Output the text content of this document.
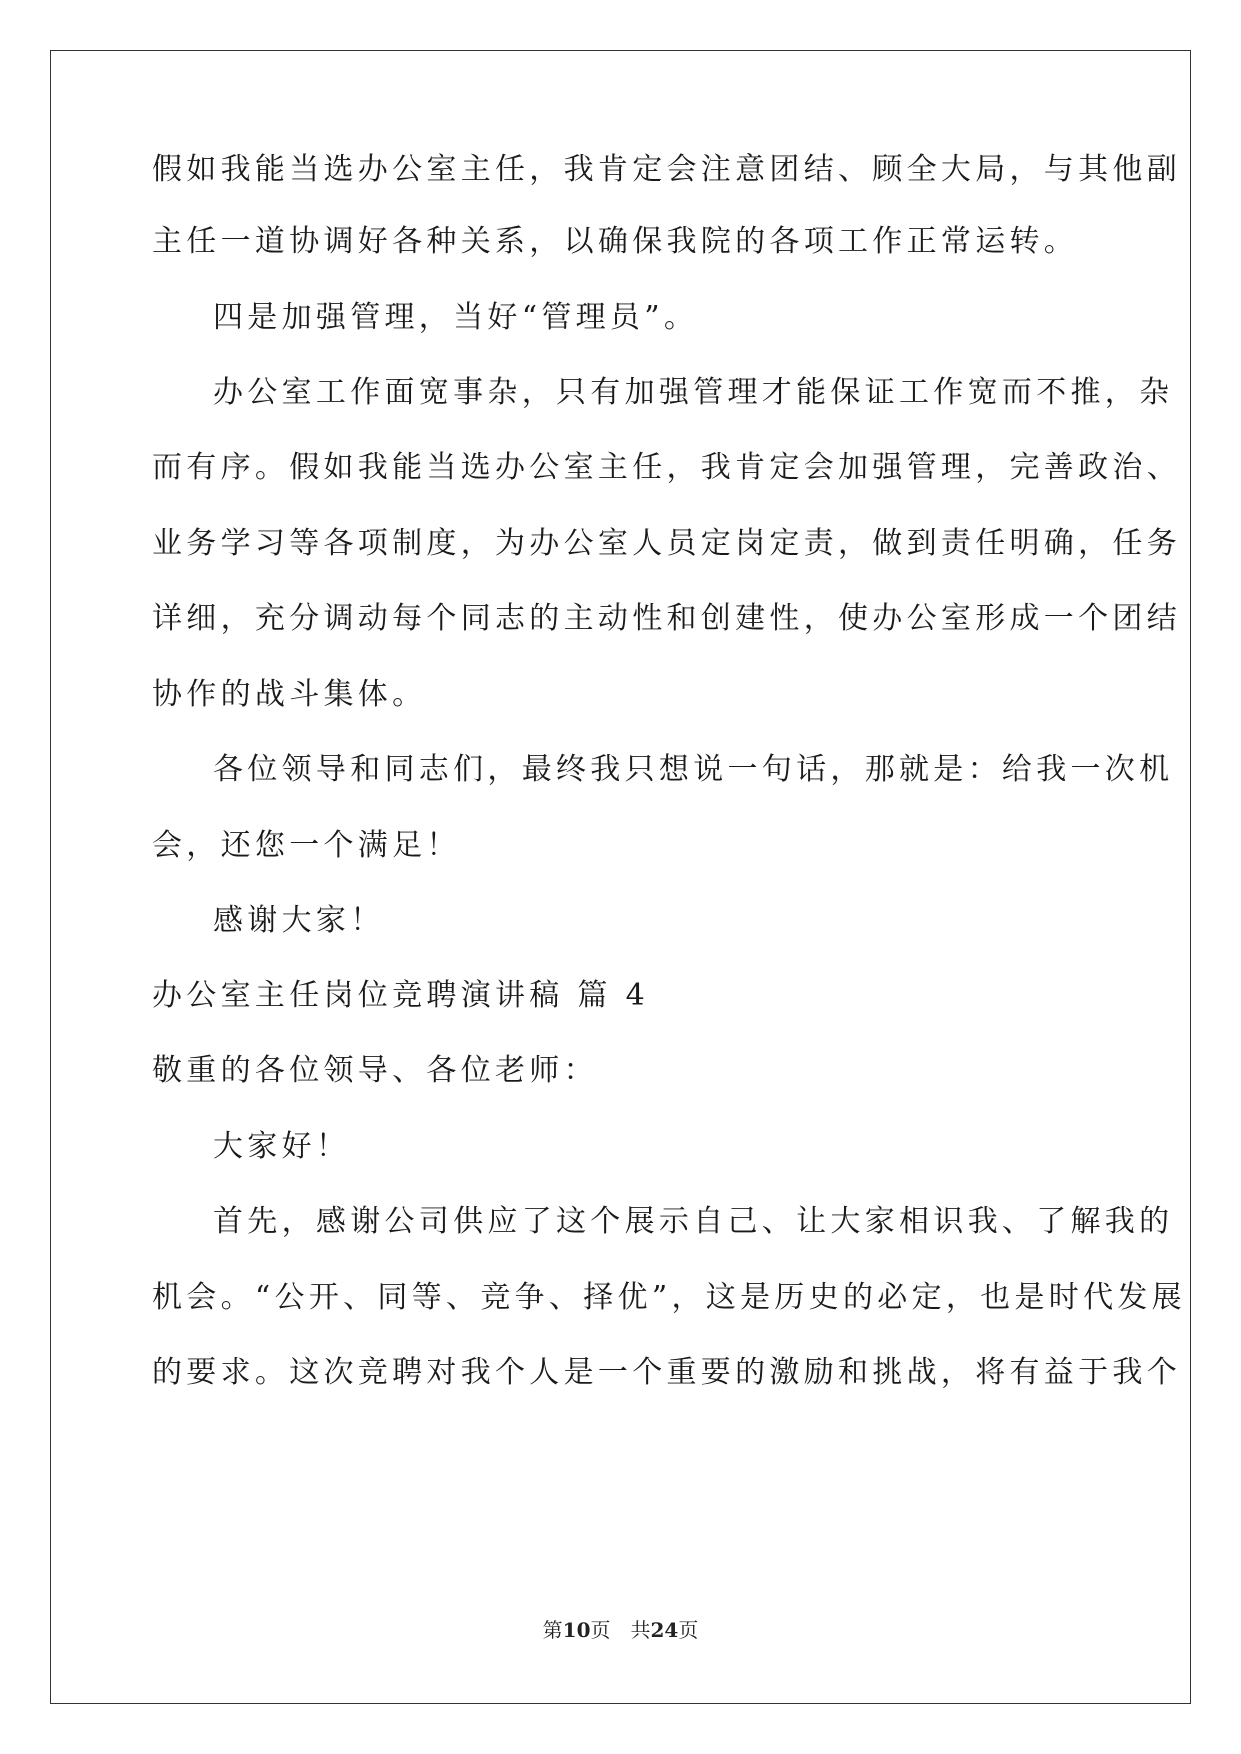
假如我能当选办公室主任，我肯定会注意团结、顾全大局，与其他副
主任一道协调好各种关系，以确保我院的各项工作正常运转。
四是加强管理，当好“管理员”。
办公室工作面宽事杂，只有加强管理才能保证工作宽而不推，杂
而有序。假如我能当选办公室主任，我肯定会加强管理，完善政治、
业务学习等各项制度，为办公室人员定岗定责，做到责任明确，任务
详细，充分调动每个同志的主动性和创建性，使办公室形成一个团结
协作的战斗集体。
各位领导和同志们，最终我只想说一句话，那就是：给我一次机
会，还您一个满足！
感谢大家！
办公室主任岗位竞聘演讲稿 篇 4
敬重的各位领导、各位老师：
大家好！
首先，感谢公司供应了这个展示自己、让大家相识我、了解我的
机会。“公开、同等、竞争、择优”，这是历史的必定，也是时代发展
的要求。这次竞聘对我个人是一个重要的激励和挑战，将有益于我个
第10页　共24页
